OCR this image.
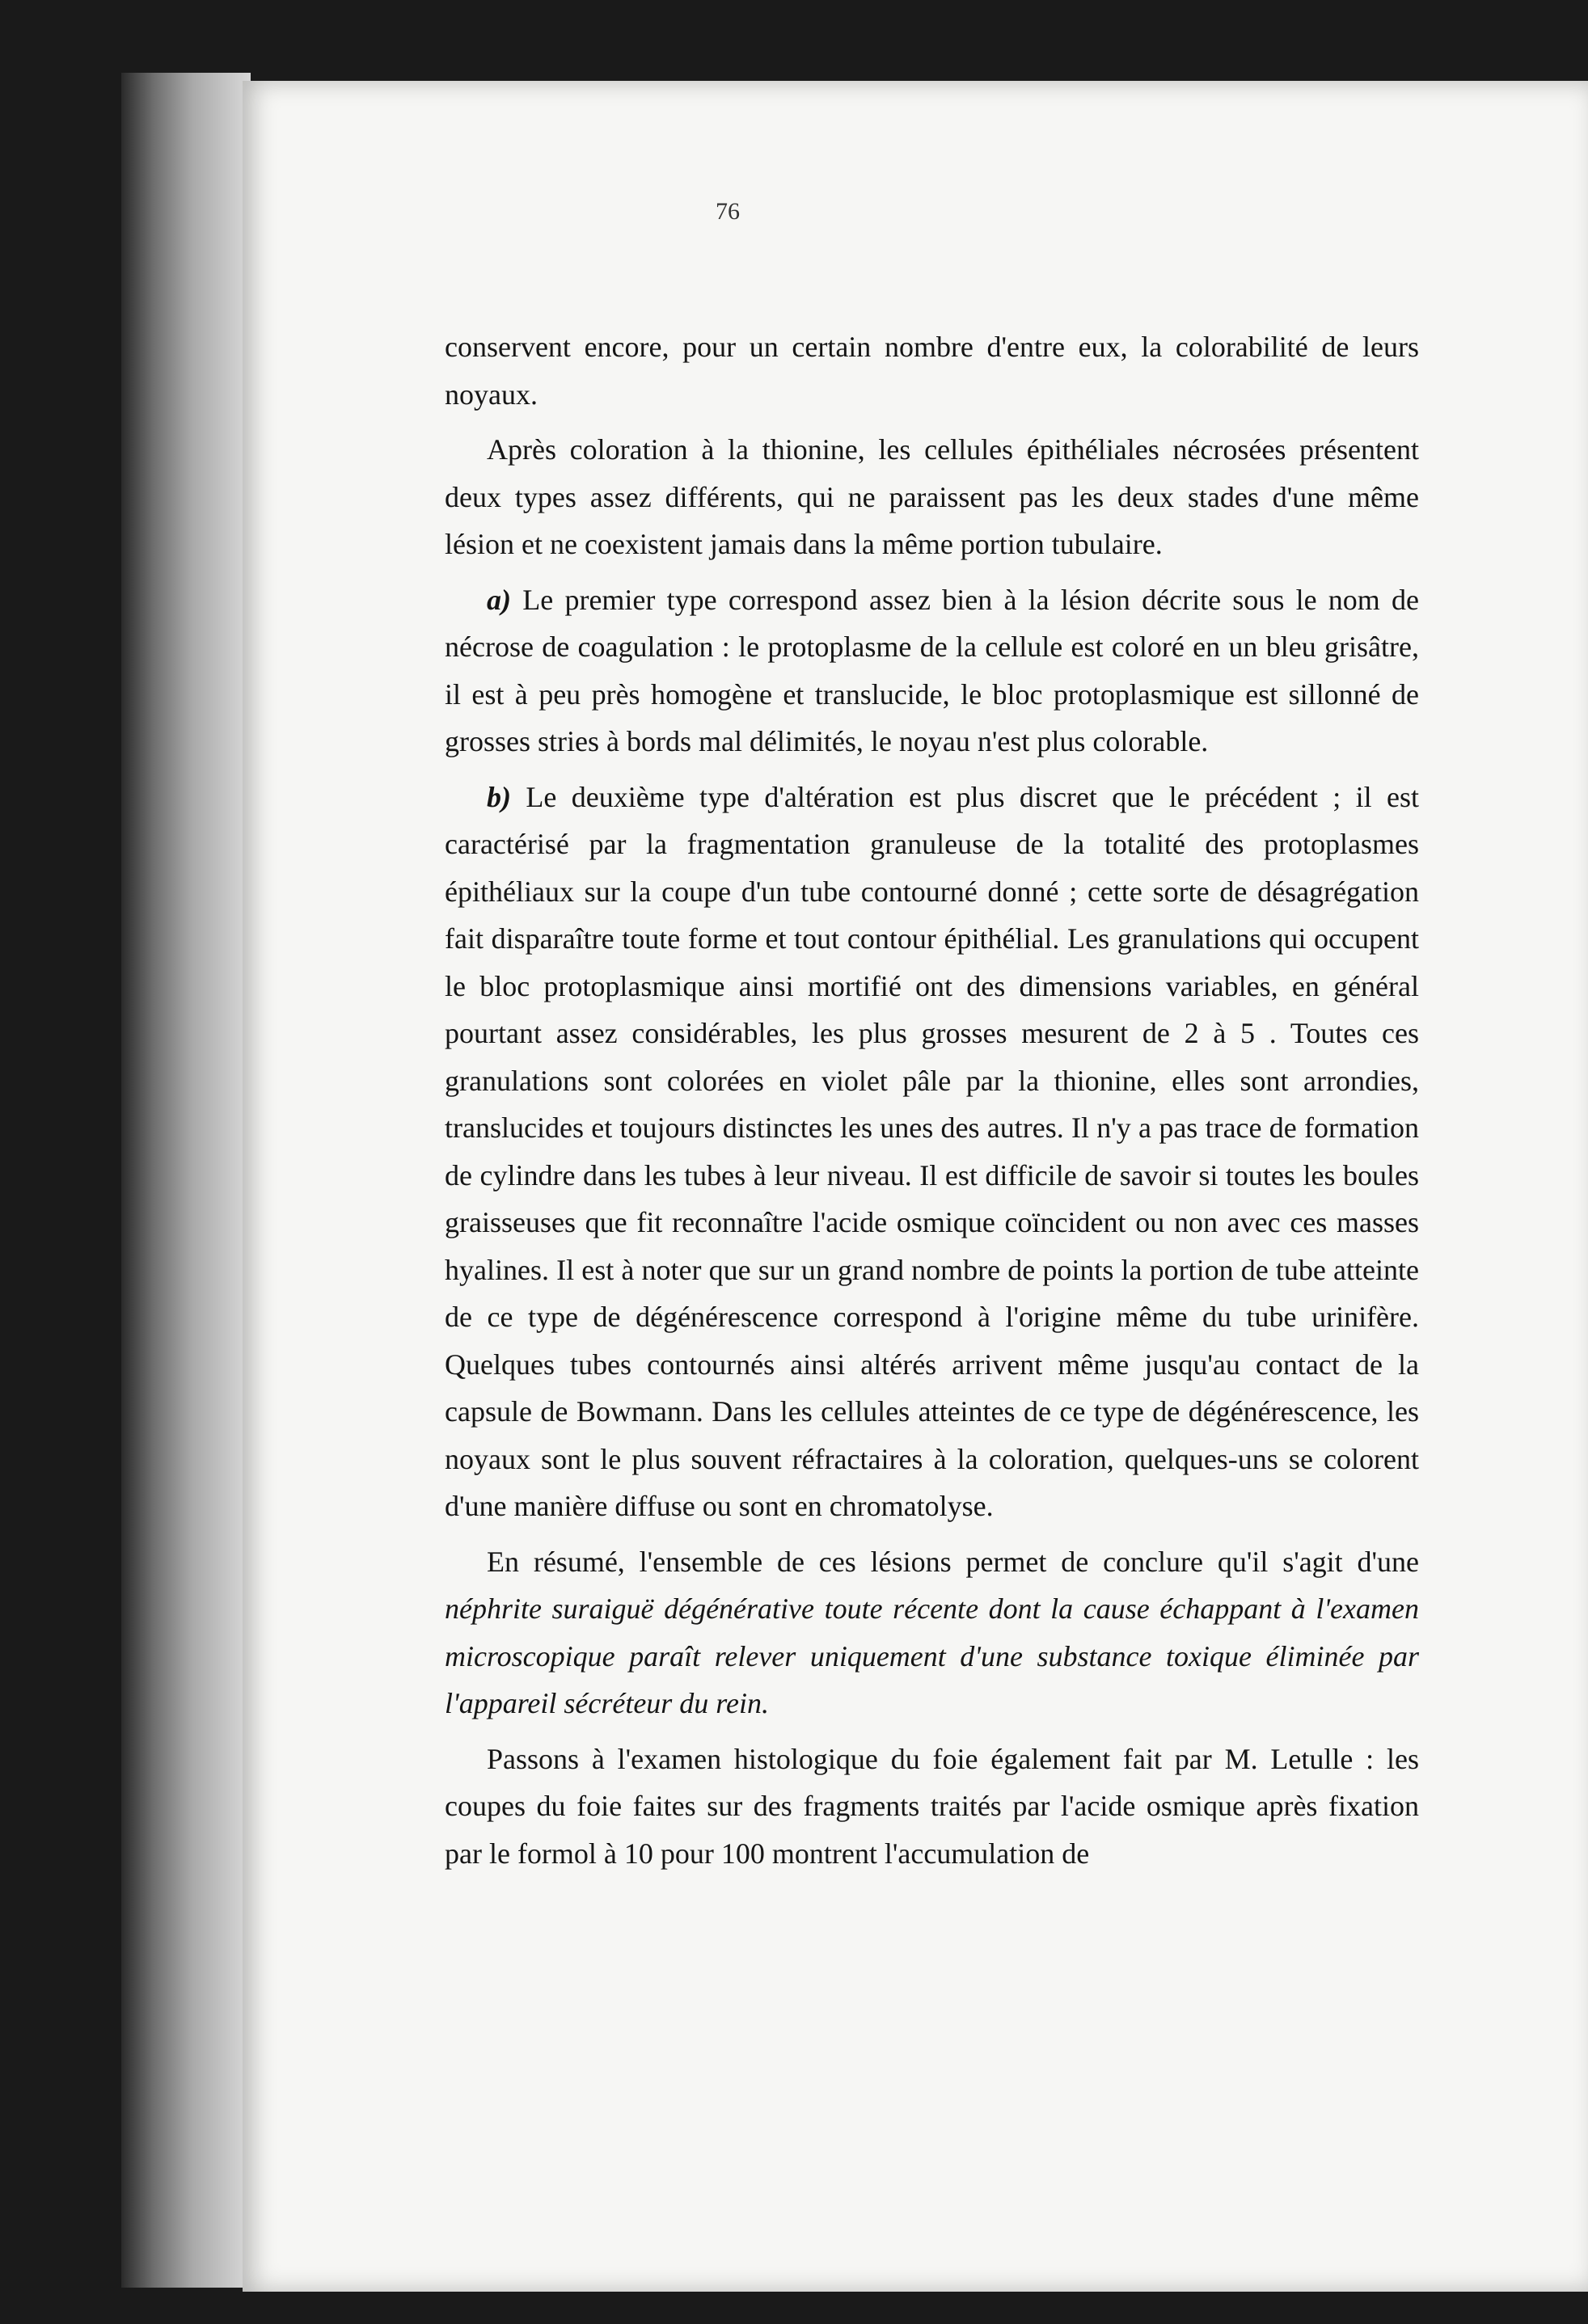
76

conservent encore, pour un certain nombre d'entre eux, la colorabilité de leurs noyaux.

Après coloration à la thionine, les cellules épithéliales nécrosées présentent deux types assez différents, qui ne paraissent pas les deux stades d'une même lésion et ne coexistent jamais dans la même portion tubulaire.

a) Le premier type correspond assez bien à la lésion décrite sous le nom de nécrose de coagulation : le protoplasme de la cellule est coloré en un bleu grisâtre, il est à peu près homogène et translucide, le bloc protoplasmique est sillonné de grosses stries à bords mal délimités, le noyau n'est plus colorable.

b) Le deuxième type d'altération est plus discret que le précédent ; il est caractérisé par la fragmentation granuleuse de la totalité des protoplasmes épithéliaux sur la coupe d'un tube contourné donné ; cette sorte de désagrégation fait disparaître toute forme et tout contour épithélial. Les granulations qui occupent le bloc protoplasmique ainsi mortifié ont des dimensions variables, en général pourtant assez considérables, les plus grosses mesurent de 2 à 5 . Toutes ces granulations sont colorées en violet pâle par la thionine, elles sont arrondies, translucides et toujours distinctes les unes des autres. Il n'y a pas trace de formation de cylindre dans les tubes à leur niveau. Il est difficile de savoir si toutes les boules graisseuses que fit reconnaître l'acide osmique coïncident ou non avec ces masses hyalines. Il est à noter que sur un grand nombre de points la portion de tube atteinte de ce type de dégénérescence correspond à l'origine même du tube urinifère. Quelques tubes contournés ainsi altérés arrivent même jusqu'au contact de la capsule de Bowmann. Dans les cellules atteintes de ce type de dégénérescence, les noyaux sont le plus souvent réfractaires à la coloration, quelques-uns se colorent d'une manière diffuse ou sont en chromatolyse.

En résumé, l'ensemble de ces lésions permet de conclure qu'il s'agit d'une néphrite suraiguë dégénérative toute récente dont la cause échappant à l'examen microscopique paraît relever uniquement d'une substance toxique éliminée par l'appareil sécréteur du rein.

Passons à l'examen histologique du foie également fait par M. Letulle : les coupes du foie faites sur des fragments traités par l'acide osmique après fixation par le formol à 10 pour 100 montrent l'accumulation de
